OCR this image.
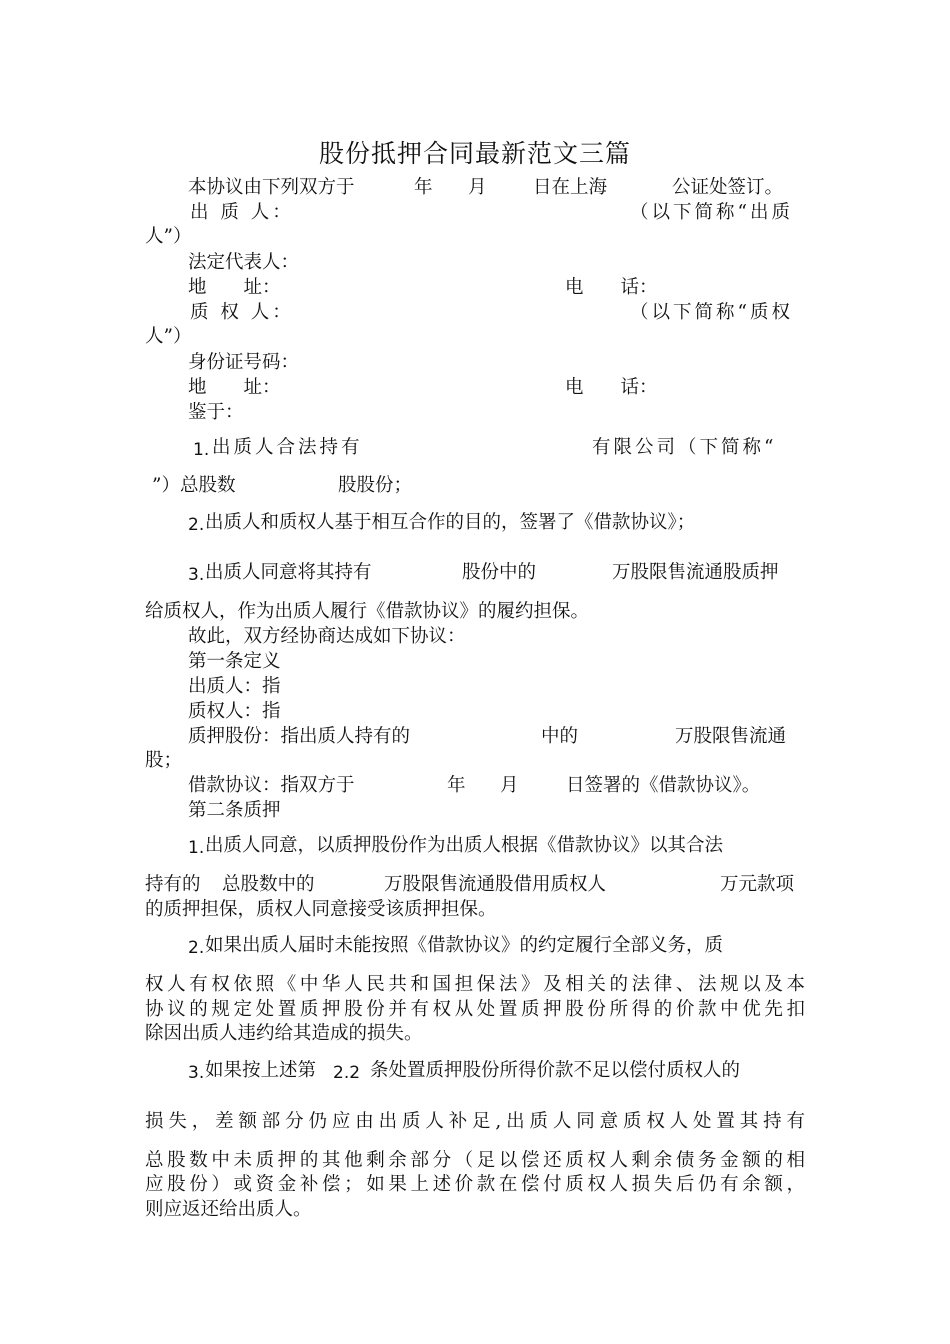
股份抵押合同最新范文三篇
本协议由下列双方于	年 月	日在上海	公证处签订。
出 质 人：	（以下简称“出质
人”）
法定代表人：
地　　址：	电　　话：
质 权 人：	（以下简称“质权
人”）
身份证号码：
地　　址：	电　　话：
鉴于：
1. 出质人合法持有	有限公司（下简称“
”）总股数	股股份；
2. 出质人和质权人基于相互合作的目的，签署了《借款协议》；
3. 出质人同意将其持有	股份中的	万股限售流通股质押
给质权人，作为出质人履行《借款协议》的履约担保。
故此，双方经协商达成如下协议：
第一条定义
出质人：指
质权人：指
质押股份：指出质人持有的	中的	万股限售流通
股；
借款协议：指双方于	年 月	日签署的《借款协议》。
第二条质押
1. 出质人同意，以质押股份作为出质人根据《借款协议》以其合法
持有的 总股数中的	万股限售流通股借用质权人	万元款项
的质押担保，质权人同意接受该质押担保。
2. 如果出质人届时未能按照《借款协议》的约定履行全部义务，质
权人有权依照《中华人民共和国担保法》及相关的法律、法规以及本
协议的规定处置质押股份并有权从处置质押股份所得的价款中优先扣
除因出质人违约给其造成的损失。
3. 如果按上述第 2.2 条处置质押股份所得价款不足以偿付质权人的
损失，差额部分仍应由出质人补足,出质人同意质权人处置其持有
总股数中未质押的其他剩余部分（足以偿还质权人剩余债务金额的相
应股份）或资金补偿；如果上述价款在偿付质权人损失后仍有余额，
则应返还给出质人。
